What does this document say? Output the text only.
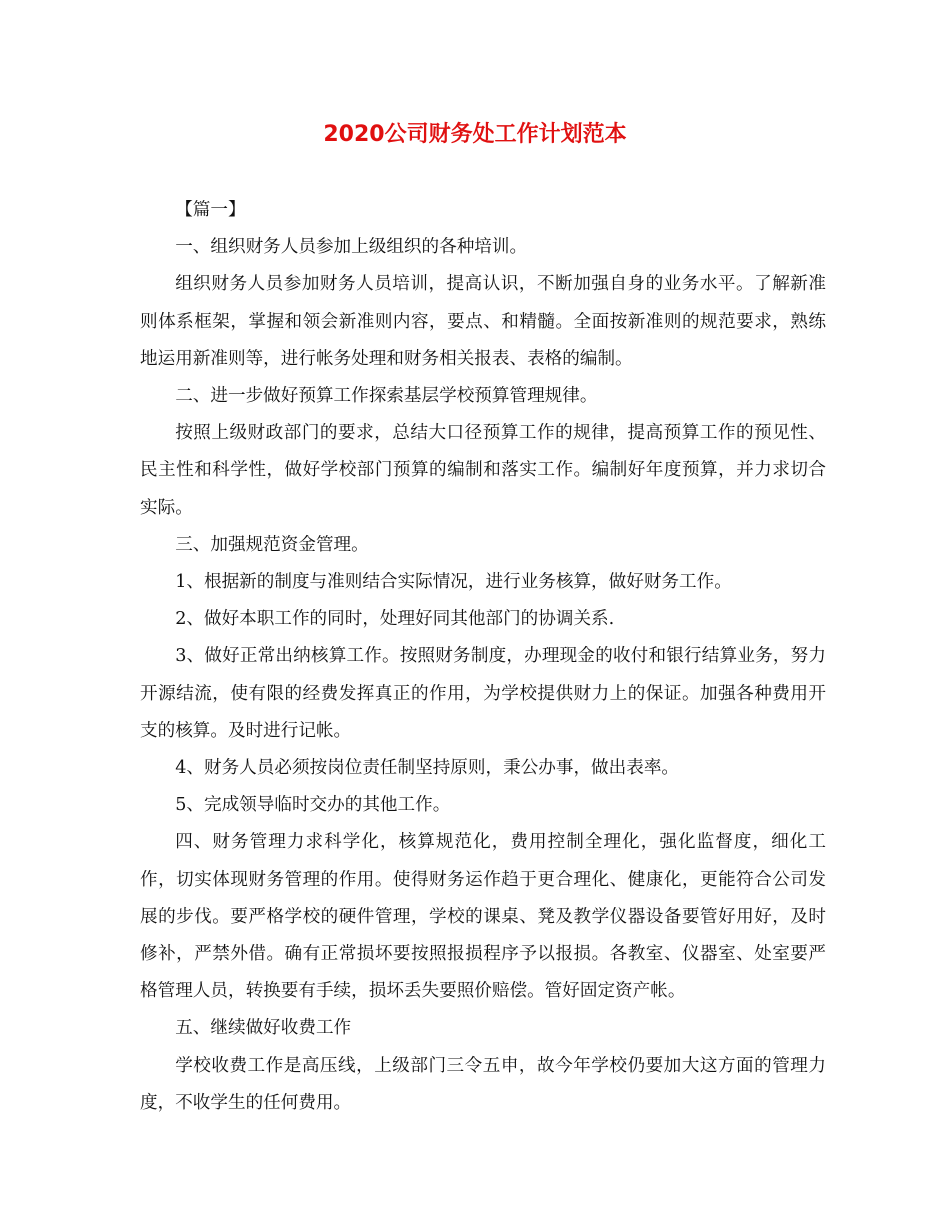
2020公司财务处工作计划范本

【篇一】

一、组织财务人员参加上级组织的各种培训。

组织财务人员参加财务人员培训，提高认识，不断加强自身的业务水平。了解新准则体系框架，掌握和领会新准则内容，要点、和精髓。全面按新准则的规范要求，熟练地运用新准则等，进行帐务处理和财务相关报表、表格的编制。

二、进一步做好预算工作探索基层学校预算管理规律。

按照上级财政部门的要求，总结大口径预算工作的规律，提高预算工作的预见性、民主性和科学性，做好学校部门预算的编制和落实工作。编制好年度预算，并力求切合实际。

三、加强规范资金管理。

1、根据新的制度与准则结合实际情况，进行业务核算，做好财务工作。

2、做好本职工作的同时，处理好同其他部门的协调关系.

3、做好正常出纳核算工作。按照财务制度，办理现金的收付和银行结算业务，努力开源结流，使有限的经费发挥真正的作用，为学校提供财力上的保证。加强各种费用开支的核算。及时进行记帐。

4、财务人员必须按岗位责任制坚持原则，秉公办事，做出表率。

5、完成领导临时交办的其他工作。

四、财务管理力求科学化，核算规范化，费用控制全理化，强化监督度，细化工作，切实体现财务管理的作用。使得财务运作趋于更合理化、健康化，更能符合公司发展的步伐。要严格学校的硬件管理，学校的课桌、凳及教学仪器设备要管好用好，及时修补，严禁外借。确有正常损坏要按照报损程序予以报损。各教室、仪器室、处室要严格管理人员，转换要有手续，损坏丢失要照价赔偿。管好固定资产帐。

五、继续做好收费工作

学校收费工作是高压线，上级部门三令五申，故今年学校仍要加大这方面的管理力度，不收学生的任何费用。
